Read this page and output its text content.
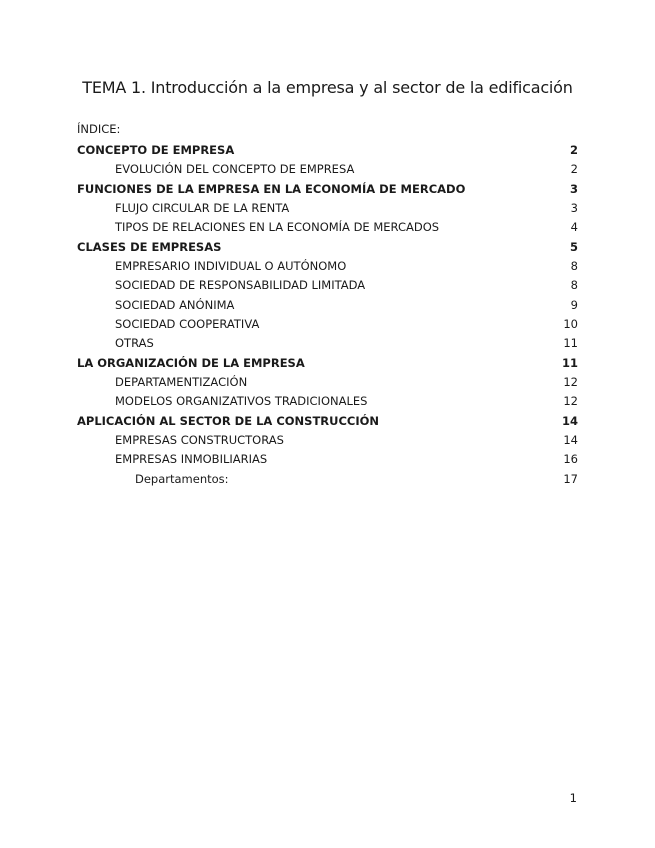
TEMA 1. Introducción a la empresa y al sector de la edificación

ÍNDICE:

CONCEPTO DE EMPRESA	2
EVOLUCIÓN DEL CONCEPTO DE EMPRESA	2
FUNCIONES DE LA EMPRESA EN LA ECONOMÍA DE MERCADO	3
FLUJO CIRCULAR DE LA RENTA	3
TIPOS DE RELACIONES EN LA ECONOMÍA DE MERCADOS	4
CLASES DE EMPRESAS	5
EMPRESARIO INDIVIDUAL O AUTÓNOMO	8
SOCIEDAD DE RESPONSABILIDAD LIMITADA	8
SOCIEDAD ANÓNIMA	9
SOCIEDAD COOPERATIVA	10
OTRAS	11
LA ORGANIZACIÓN DE LA EMPRESA	11
DEPARTAMENTIZACIÓN	12
MODELOS ORGANIZATIVOS TRADICIONALES	12
APLICACIÓN AL SECTOR DE LA CONSTRUCCIÓN	14
EMPRESAS CONSTRUCTORAS	14
EMPRESAS INMOBILIARIAS	16
Departamentos:	17
1
